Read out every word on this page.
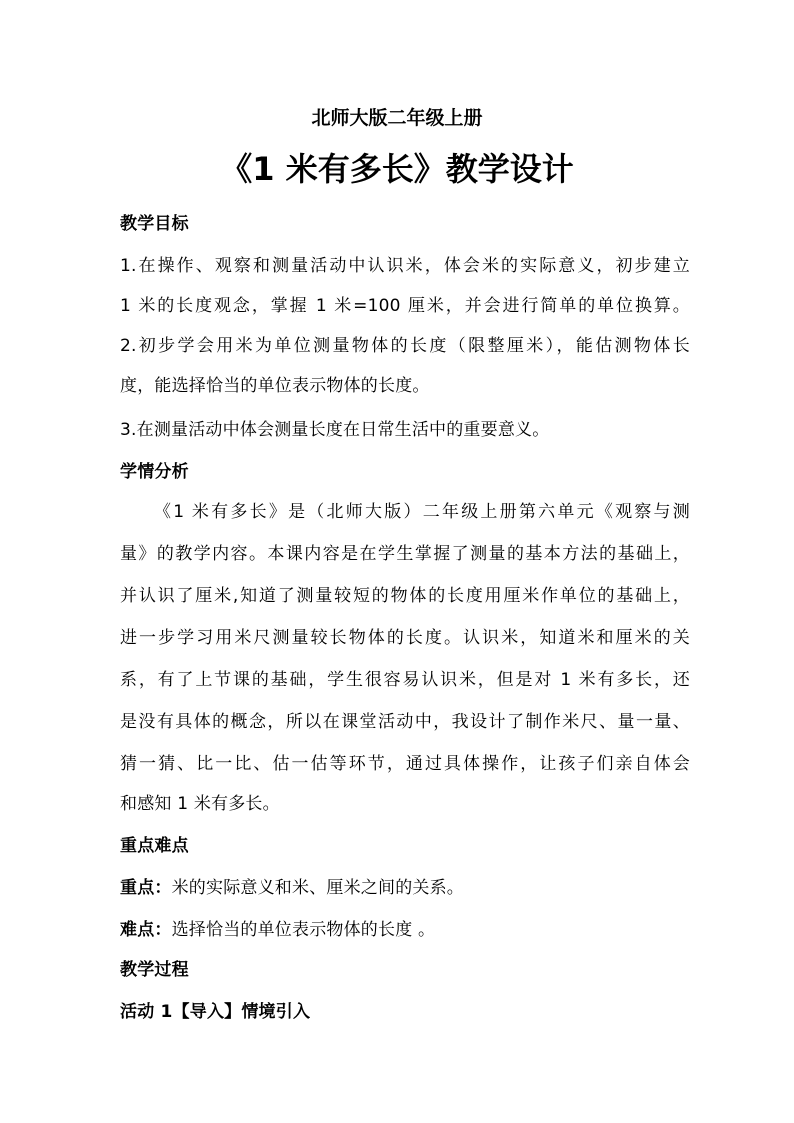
北师大版二年级上册
《1 米有多长》教学设计
教学目标
1.在操作、观察和测量活动中认识米，体会米的实际意义，初步建立
1 米的长度观念，掌握 1 米=100 厘米，并会进行简单的单位换算。
2.初步学会用米为单位测量物体的长度（限整厘米），能估测物体长
度，能选择恰当的单位表示物体的长度。
3.在测量活动中体会测量长度在日常生活中的重要意义。
学情分析
《1 米有多长》是（北师大版）二年级上册第六单元《观察与测
量》的教学内容。本课内容是在学生掌握了测量的基本方法的基础上，
并认识了厘米,知道了测量较短的物体的长度用厘米作单位的基础上，
进一步学习用米尺测量较长物体的长度。认识米，知道米和厘米的关
系，有了上节课的基础，学生很容易认识米，但是对 1 米有多长，还
是没有具体的概念，所以在课堂活动中，我设计了制作米尺、量一量、
猜一猜、比一比、估一估等环节，通过具体操作，让孩子们亲自体会
和感知 1 米有多长。
重点难点
重点：米的实际意义和米、厘米之间的关系。
难点：选择恰当的单位表示物体的长度 。
教学过程
活动 1【导入】情境引入
